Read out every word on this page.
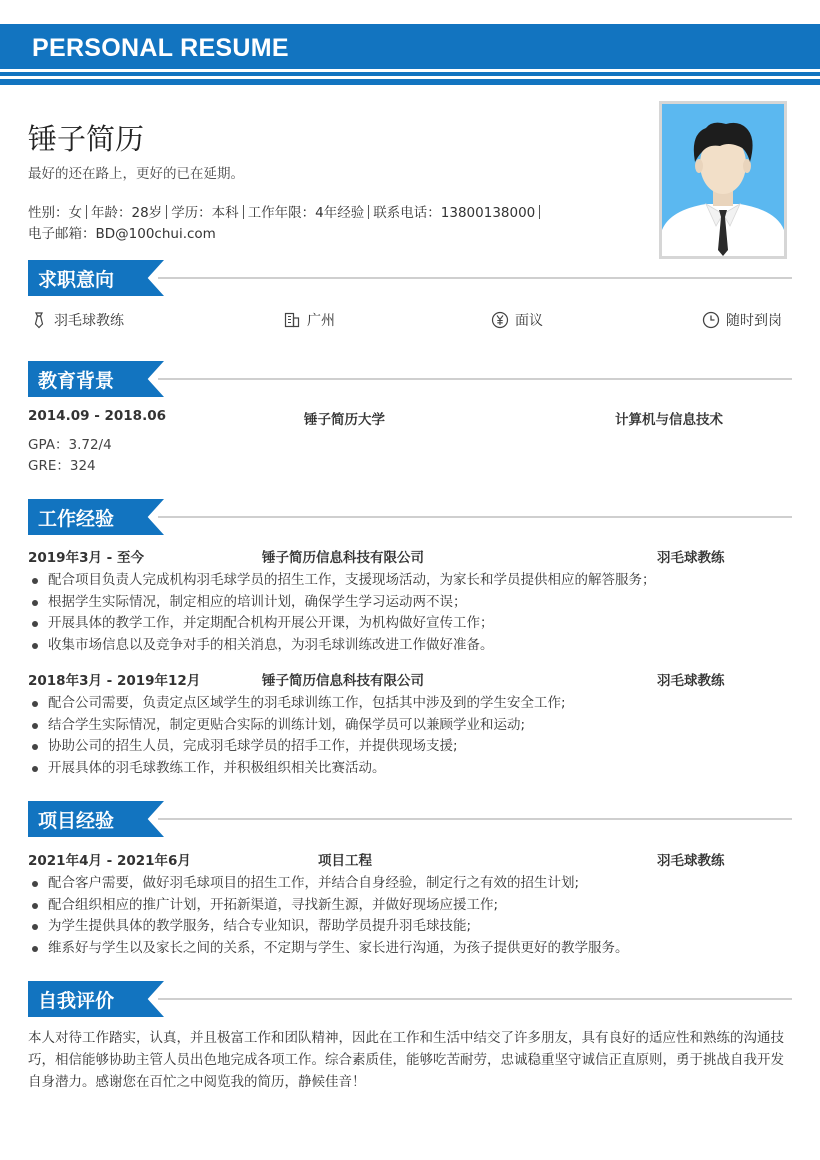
PERSONAL RESUME
锤子简历
最好的还在路上，更好的已在延期。
性别：女 年龄：28岁 学历：本科 工作年限：4年经验 联系电话：13800138000
电子邮箱：BD@100chui.com
求职意向
羽毛球教练	广州	面议	随时到岗
教育背景
2014.09 - 2018.06	锤子简历大学	计算机与信息技术
GPA：3.72/4
GRE：324
工作经验
2019年3月 - 至今	锤子简历信息科技有限公司	羽毛球教练
配合项目负责人完成机构羽毛球学员的招生工作，支援现场活动，为家长和学员提供相应的解答服务；
根据学生实际情况，制定相应的培训计划，确保学生学习运动两不误；
开展具体的教学工作，并定期配合机构开展公开课，为机构做好宣传工作；
收集市场信息以及竞争对手的相关消息，为羽毛球训练改进工作做好准备。
2018年3月 - 2019年12月	锤子简历信息科技有限公司	羽毛球教练
配合公司需要，负责定点区域学生的羽毛球训练工作，包括其中涉及到的学生安全工作;
结合学生实际情况，制定更贴合实际的训练计划，确保学员可以兼顾学业和运动;
协助公司的招生人员，完成羽毛球学员的招手工作，并提供现场支援;
开展具体的羽毛球教练工作，并积极组织相关比赛活动。
项目经验
2021年4月 - 2021年6月	项目工程	羽毛球教练
配合客户需要，做好羽毛球项目的招生工作，并结合自身经验，制定行之有效的招生计划;
配合组织相应的推广计划，开拓新渠道，寻找新生源，并做好现场应援工作;
为学生提供具体的教学服务，结合专业知识，帮助学员提升羽毛球技能;
维系好与学生以及家长之间的关系，不定期与学生、家长进行沟通，为孩子提供更好的教学服务。
自我评价
本人对待工作踏实，认真，并且极富工作和团队精神，因此在工作和生活中结交了许多朋友，具有良好的适应性和熟练的沟通技巧，相信能够协助主管人员出色地完成各项工作。综合素质佳，能够吃苦耐劳，忠诚稳重坚守诚信正直原则，勇于挑战自我开发自身潜力。感谢您在百忙之中阅览我的简历，静候佳音！
